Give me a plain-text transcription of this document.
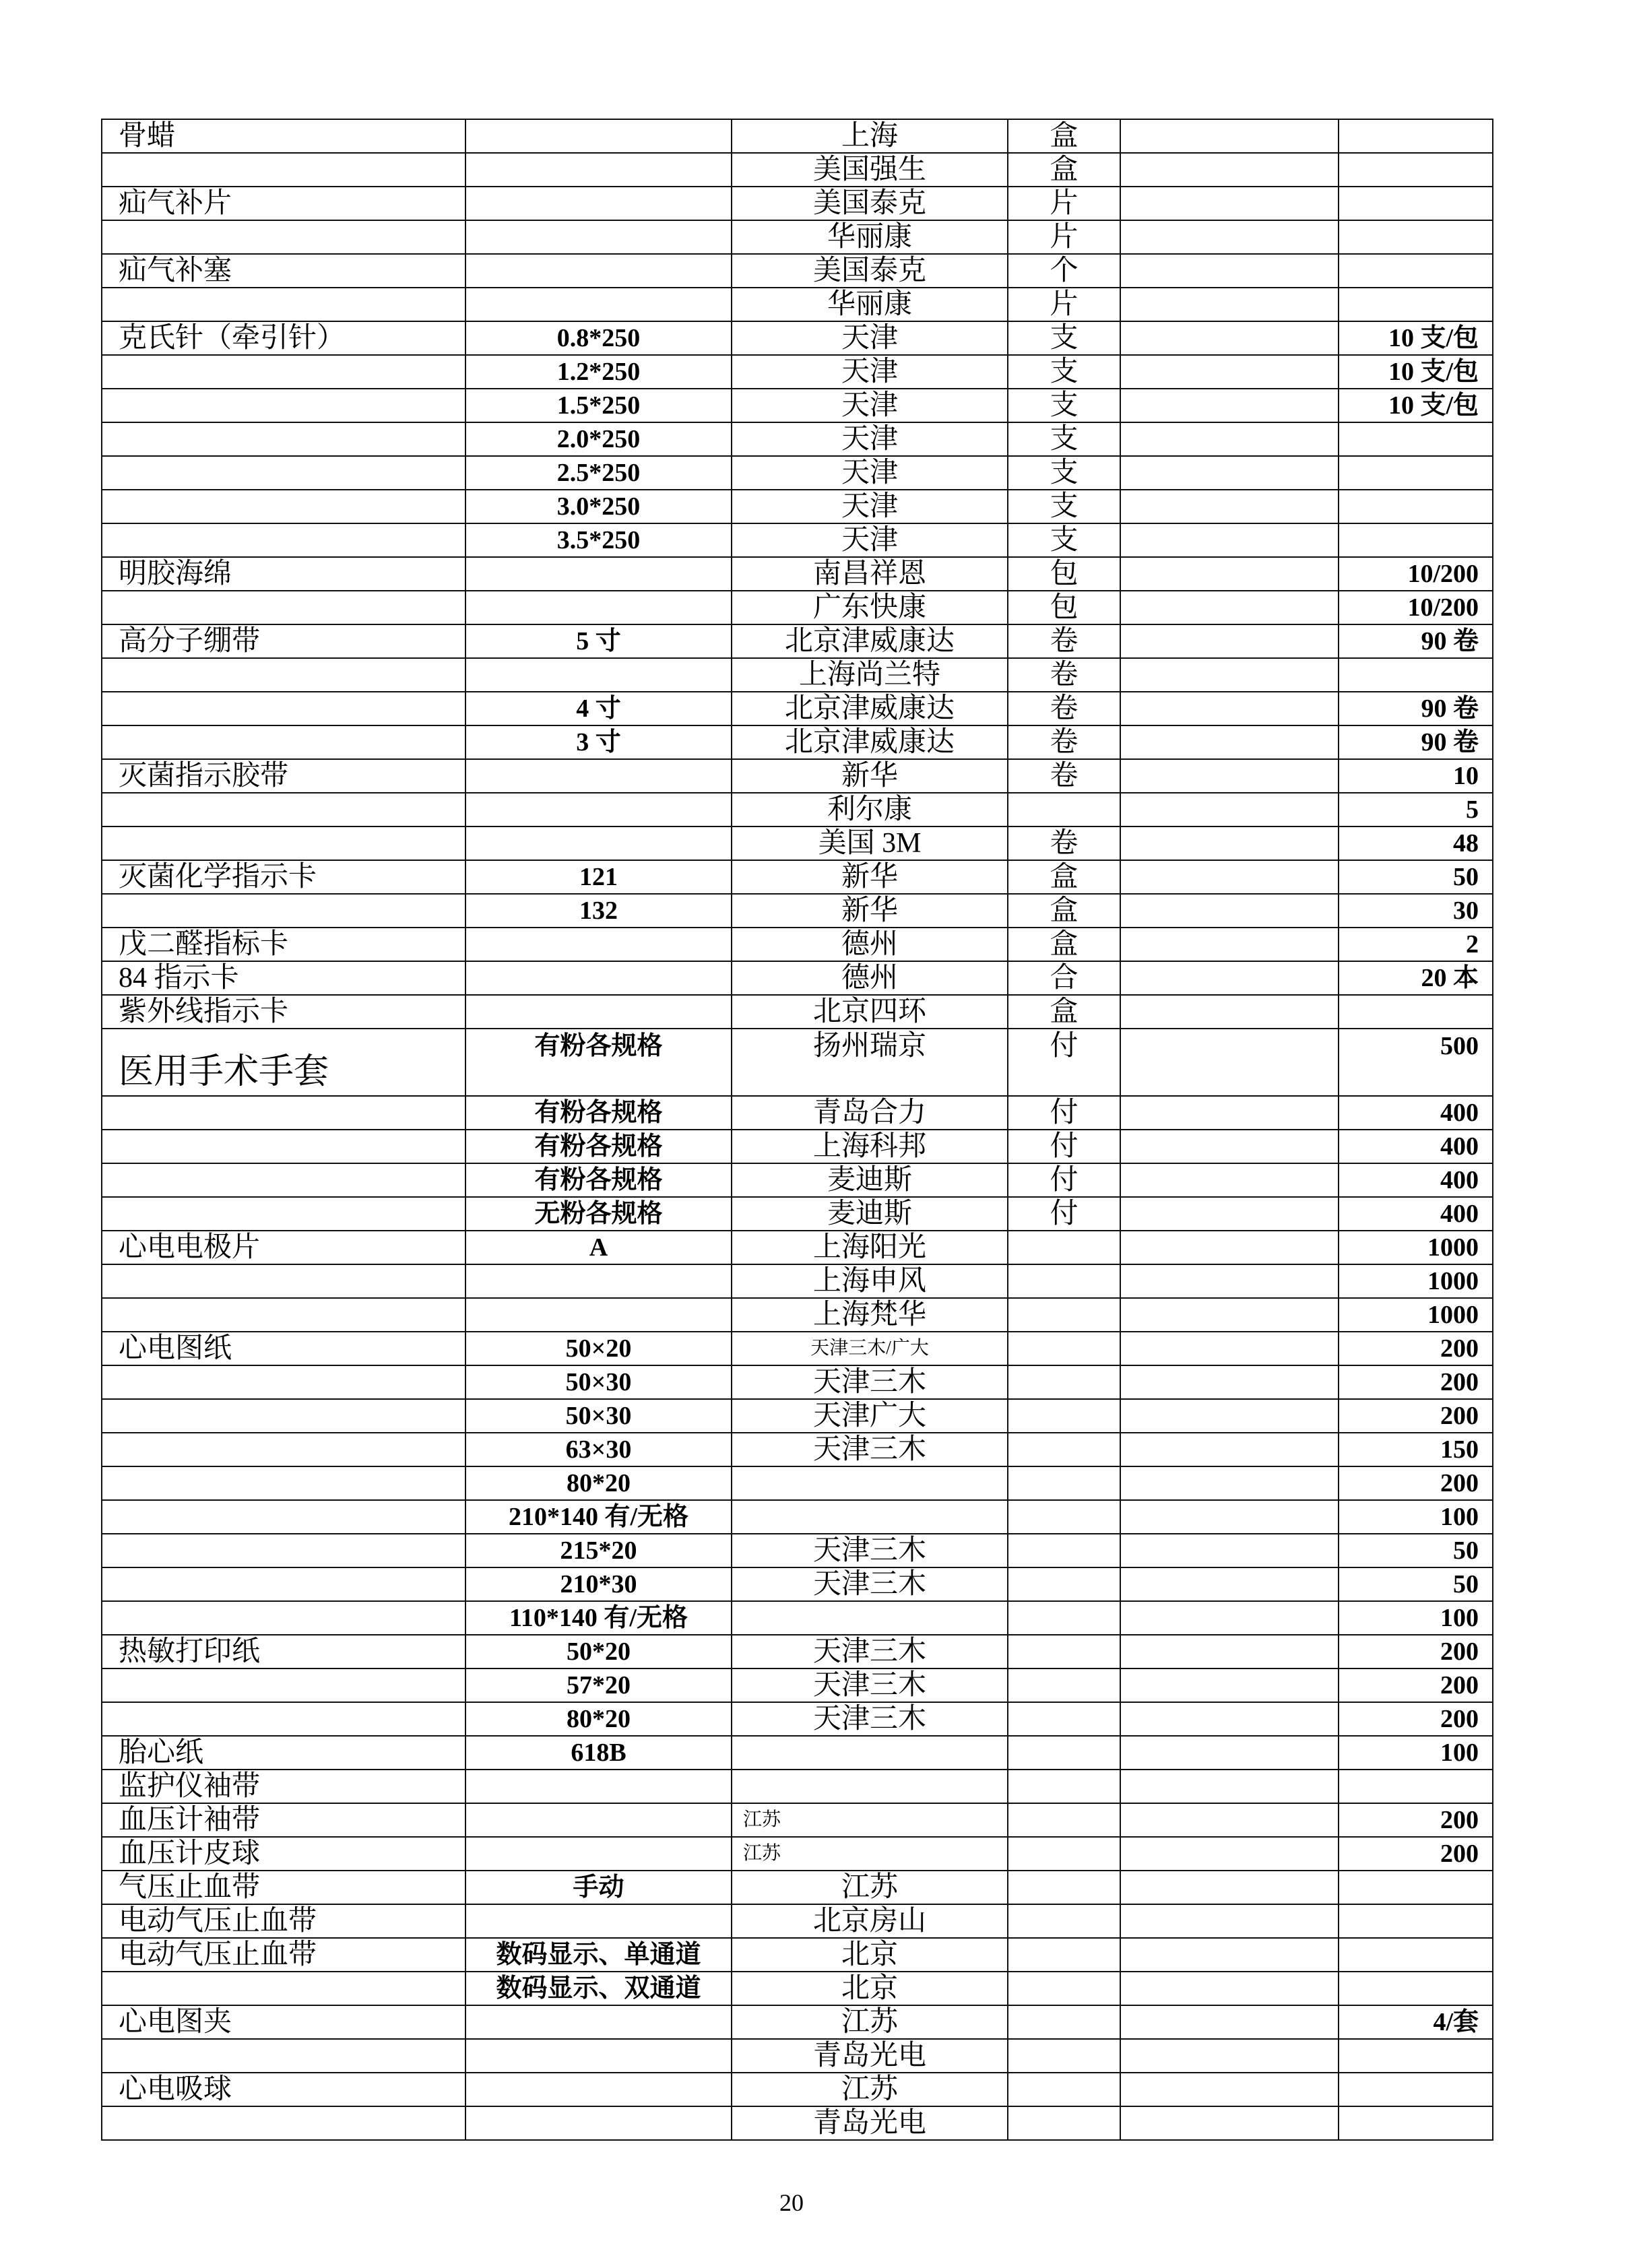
骨蜡		上海	盒		
		美国强生	盒		
疝气补片		美国泰克	片		
		华丽康	片		
疝气补塞		美国泰克	个		
		华丽康	片		
克氏针（牵引针）	0.8*250	天津	支		10 支/包
	1.2*250	天津	支		10 支/包
	1.5*250	天津	支		10 支/包
	2.0*250	天津	支		
	2.5*250	天津	支		
	3.0*250	天津	支		
	3.5*250	天津	支		
明胶海绵		南昌祥恩	包		10/200
		广东快康	包		10/200
高分子绷带	5 寸	北京津威康达	卷		90 卷
		上海尚兰特	卷		
	4 寸	北京津威康达	卷		90 卷
	3 寸	北京津威康达	卷		90 卷
灭菌指示胶带		新华	卷		10
		利尔康			5
		美国 3M	卷		48
灭菌化学指示卡	121	新华	盒		50
	132	新华	盒		30
戊二醛指标卡		德州	盒		2
84 指示卡		德州	合		20 本
紫外线指示卡		北京四环	盒		
医用手术手套	有粉各规格	扬州瑞京	付		500
	有粉各规格	青岛合力	付		400
	有粉各规格	上海科邦	付		400
	有粉各规格	麦迪斯	付		400
	无粉各规格	麦迪斯	付		400
心电电极片	A	上海阳光			1000
		上海申风			1000
		上海梵华			1000
心电图纸	50×20	天津三木/广大			200
	50×30	天津三木			200
	50×30	天津广大			200
	63×30	天津三木			150
	80*20				200
	210*140 有/无格				100
	215*20	天津三木			50
	210*30	天津三木			50
	110*140 有/无格				100
热敏打印纸	50*20	天津三木			200
	57*20	天津三木			200
	80*20	天津三木			200
胎心纸	618B				100
监护仪袖带					
血压计袖带		江苏			200
血压计皮球		江苏			200
气压止血带	手动	江苏			
电动气压止血带		北京房山			
电动气压止血带	数码显示、单通道	北京			
	数码显示、双通道	北京			
心电图夹		江苏			4/套
		青岛光电			
心电吸球		江苏			
		青岛光电			
20
